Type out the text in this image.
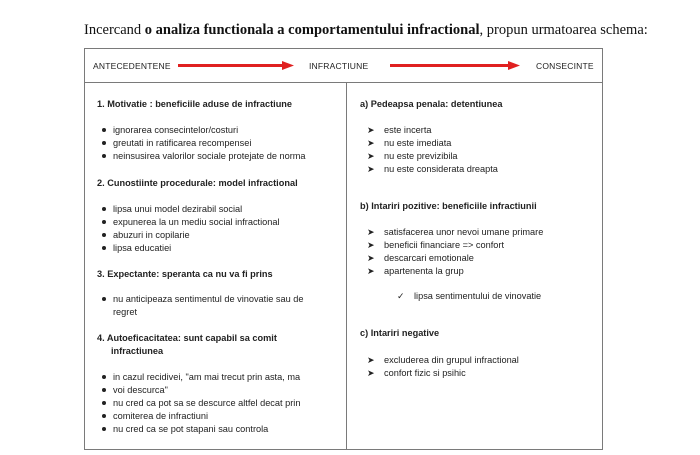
Incercand o analiza functionala a comportamentului infractional, propun urmatoarea schema:
ANTECEDENTENE	INFRACTIUNE	CONSECINTE
1. Motivatie : beneficiile aduse de infractiune
ignorarea consecintelor/costuri
greutati in ratificarea recompensei
neinsusirea valorilor sociale protejate de norma
2. Cunostiinte procedurale: model infractional
lipsa unui model dezirabil social
expunerea la un mediu social infractional
abuzuri in copilarie
lipsa educatiei
3. Expectante: speranta ca nu va fi prins
nu anticipeaza sentimentul de vinovatie sau de
regret
4. Autoeficacitatea: sunt capabil sa comit
infractiunea
in cazul recidivei, "am mai trecut prin asta, ma
voi descurca"
nu cred ca pot sa se descurce altfel decat prin
comiterea de infractiuni
nu cred ca se pot stapani sau controla
a) Pedeapsa penala: detentiunea
➤ este incerta
➤ nu este imediata
➤ nu este previzibila
➤ nu este considerata dreapta
b) Intariri pozitive: beneficiile infractiunii
➤ satisfacerea unor nevoi umane primare
➤ beneficii financiare => confort
➤ descarcari emotionale
➤ apartenenta la grup
✓ lipsa sentimentului de vinovatie
c) Intariri negative
➤ excluderea din grupul infractional
➤ confort fizic si psihic
